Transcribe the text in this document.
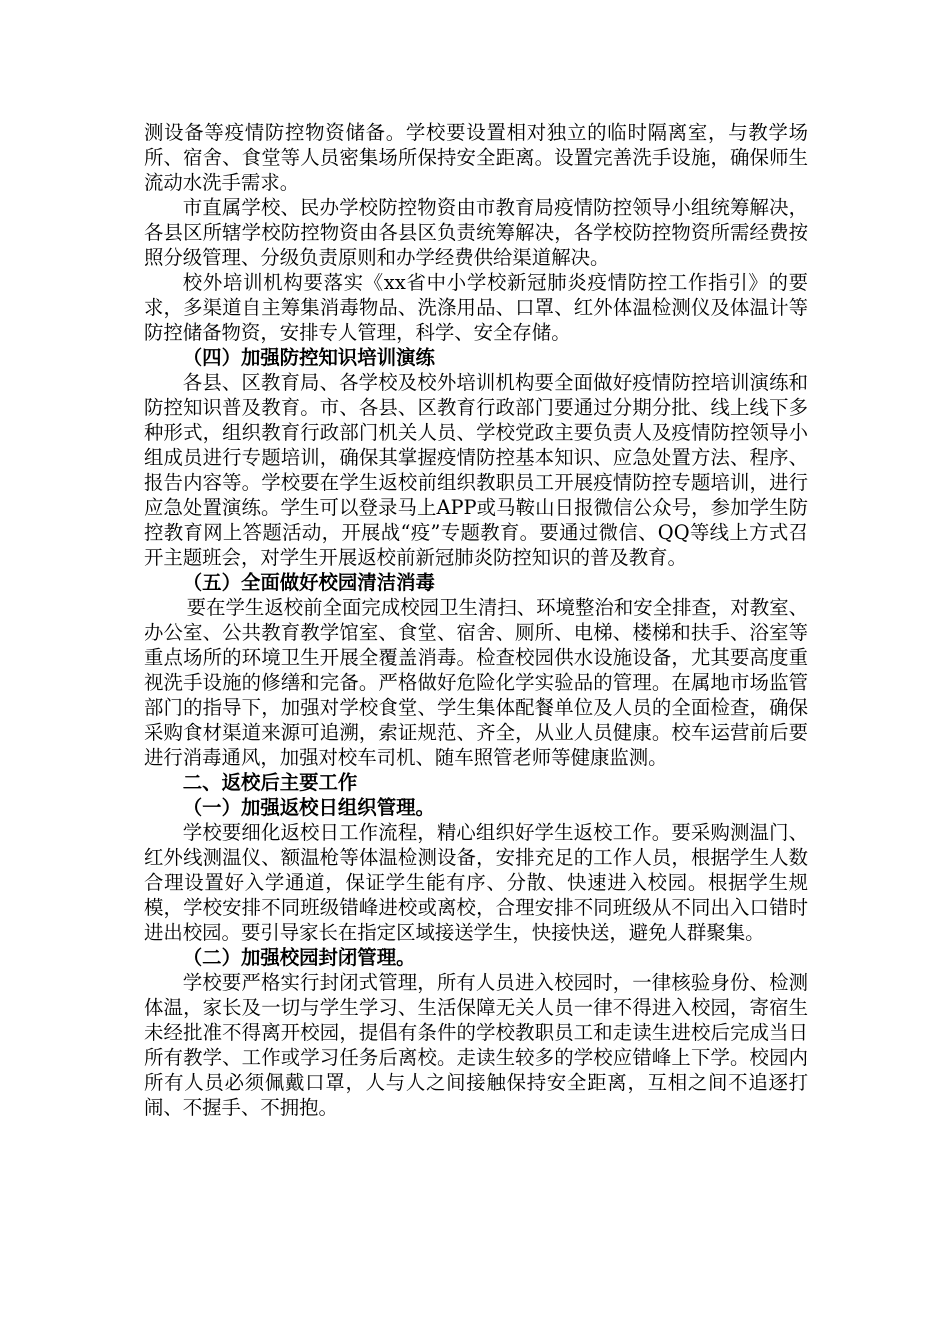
测设备等疫情防控物资储备。学校要设置相对独立的临时隔离室，与教学场所、宿舍、食堂等人员密集场所保持安全距离。设置完善洗手设施，确保师生流动水洗手需求。

市直属学校、民办学校防控物资由市教育局疫情防控领导小组统筹解决，各县区所辖学校防控物资由各县区负责统筹解决，各学校防控物资所需经费按照分级管理、分级负责原则和办学经费供给渠道解决。

校外培训机构要落实《xx省中小学校新冠肺炎疫情防控工作指引》的要求，多渠道自主筹集消毒物品、洗涤用品、口罩、红外体温检测仪及体温计等防控储备物资，安排专人管理，科学、安全存储。

（四）加强防控知识培训演练

各县、区教育局、各学校及校外培训机构要全面做好疫情防控培训演练和防控知识普及教育。市、各县、区教育行政部门要通过分期分批、线上线下多种形式，组织教育行政部门机关人员、学校党政主要负责人及疫情防控领导小组成员进行专题培训，确保其掌握疫情防控基本知识、应急处置方法、程序、报告内容等。学校要在学生返校前组织教职员工开展疫情防控专题培训，进行应急处置演练。学生可以登录马上APP或马鞍山日报微信公众号，参加学生防控教育网上答题活动，开展战“疫”专题教育。要通过微信、QQ等线上方式召开主题班会，对学生开展返校前新冠肺炎防控知识的普及教育。

（五）全面做好校园清洁消毒

要在学生返校前全面完成校园卫生清扫、环境整治和安全排查，对教室、办公室、公共教育教学馆室、食堂、宿舍、厕所、电梯、楼梯和扶手、浴室等重点场所的环境卫生开展全覆盖消毒。检查校园供水设施设备，尤其要高度重视洗手设施的修缮和完备。严格做好危险化学实验品的管理。在属地市场监管部门的指导下，加强对学校食堂、学生集体配餐单位及人员的全面检查，确保采购食材渠道来源可追溯，索证规范、齐全，从业人员健康。校车运营前后要进行消毒通风，加强对校车司机、随车照管老师等健康监测。

二、返校后主要工作

（一）加强返校日组织管理。

学校要细化返校日工作流程，精心组织好学生返校工作。要采购测温门、红外线测温仪、额温枪等体温检测设备，安排充足的工作人员，根据学生人数合理设置好入学通道，保证学生能有序、分散、快速进入校园。根据学生规模，学校安排不同班级错峰进校或离校，合理安排不同班级从不同出入口错时进出校园。要引导家长在指定区域接送学生，快接快送，避免人群聚集。

（二）加强校园封闭管理。

学校要严格实行封闭式管理，所有人员进入校园时，一律核验身份、检测体温，家长及一切与学生学习、生活保障无关人员一律不得进入校园，寄宿生未经批准不得离开校园，提倡有条件的学校教职员工和走读生进校后完成当日所有教学、工作或学习任务后离校。走读生较多的学校应错峰上下学。校园内所有人员必须佩戴口罩，人与人之间接触保持安全距离，互相之间不追逐打闹、不握手、不拥抱。
